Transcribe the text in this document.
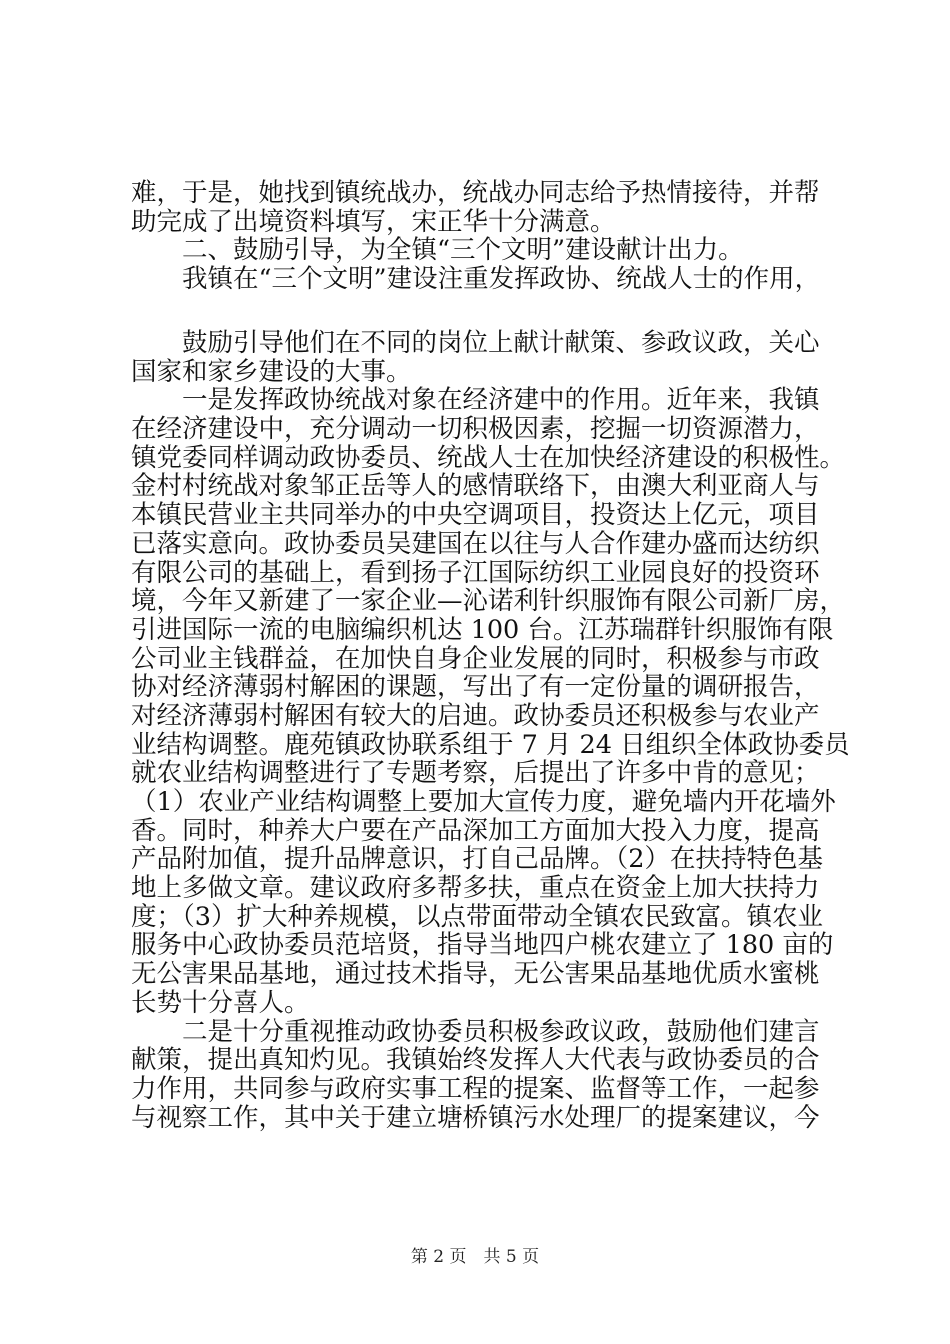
难，于是，她找到镇统战办，统战办同志给予热情接待，并帮
助完成了出境资料填写，宋正华十分满意。
　　二、鼓励引导，为全镇“三个文明”建设献计出力。
　　我镇在“三个文明”建设注重发挥政协、统战人士的作用，
　　鼓励引导他们在不同的岗位上献计献策、参政议政，关心
国家和家乡建设的大事。
　　一是发挥政协统战对象在经济建中的作用。近年来，我镇
在经济建设中，充分调动一切积极因素，挖掘一切资源潜力，
镇党委同样调动政协委员、统战人士在加快经济建设的积极性。
金村村统战对象邹正岳等人的感情联络下，由澳大利亚商人与
本镇民营业主共同举办的中央空调项目，投资达上亿元，项目
已落实意向。政协委员吴建国在以往与人合作建办盛而达纺织
有限公司的基础上，看到扬子江国际纺织工业园良好的投资环
境，今年又新建了一家企业—沁诺利针织服饰有限公司新厂房，
引进国际一流的电脑编织机达 100 台。江苏瑞群针织服饰有限
公司业主钱群益，在加快自身企业发展的同时，积极参与市政
协对经济薄弱村解困的课题，写出了有一定份量的调研报告，
对经济薄弱村解困有较大的启迪。政协委员还积极参与农业产
业结构调整。鹿苑镇政协联系组于 7 月 24 日组织全体政协委员
就农业结构调整进行了专题考察，后提出了许多中肯的意见；
（1）农业产业结构调整上要加大宣传力度，避免墙内开花墙外
香。同时，种养大户要在产品深加工方面加大投入力度，提高
产品附加值，提升品牌意识，打自己品牌。（2）在扶持特色基
地上多做文章。建议政府多帮多扶，重点在资金上加大扶持力
度；（3）扩大种养规模，以点带面带动全镇农民致富。镇农业
服务中心政协委员范培贤，指导当地四户桃农建立了 180 亩的
无公害果品基地，通过技术指导，无公害果品基地优质水蜜桃
长势十分喜人。
　　二是十分重视推动政协委员积极参政议政，鼓励他们建言
献策，提出真知灼见。我镇始终发挥人大代表与政协委员的合
力作用，共同参与政府实事工程的提案、监督等工作，一起参
与视察工作，其中关于建立塘桥镇污水处理厂的提案建议，今
第 2 页　共 5 页
